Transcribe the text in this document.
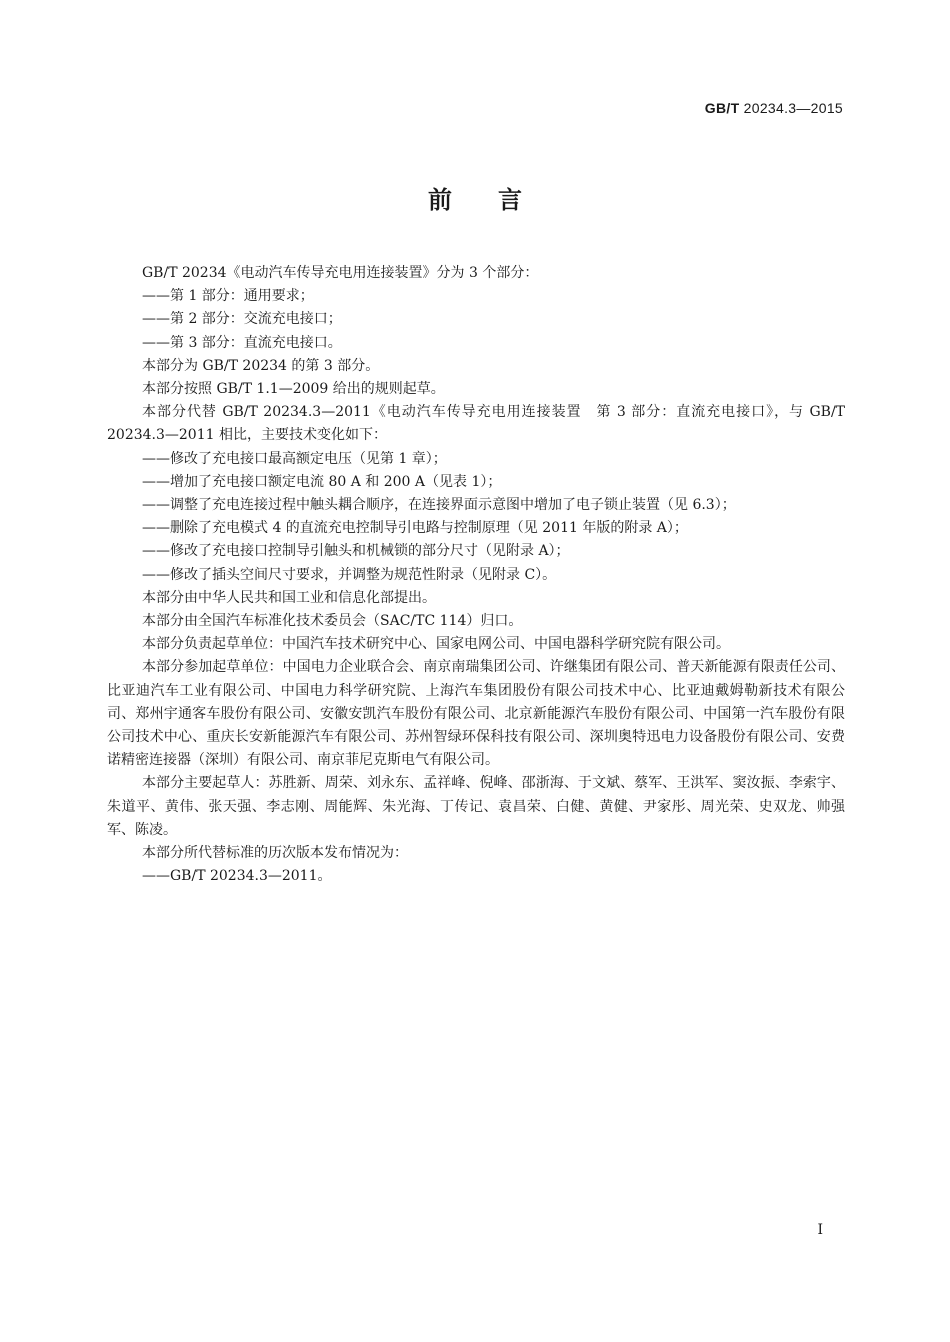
GB/T 20234.3—2015
前言

GB/T 20234《电动汽车传导充电用连接装置》分为 3 个部分：

——第 1 部分：通用要求；

——第 2 部分：交流充电接口；

——第 3 部分：直流充电接口。

本部分为 GB/T 20234 的第 3 部分。

本部分按照 GB/T 1.1—2009 给出的规则起草。

本部分代替 GB/T 20234.3—2011《电动汽车传导充电用连接装置　第 3 部分：直流充电接口》，与 GB/T 20234.3—2011 相比，主要技术变化如下：

——修改了充电接口最高额定电压（见第 1 章）；

——增加了充电接口额定电流 80 A 和 200 A（见表 1）；

——调整了充电连接过程中触头耦合顺序，在连接界面示意图中增加了电子锁止装置（见 6.3）；

——删除了充电模式 4 的直流充电控制导引电路与控制原理（见 2011 年版的附录 A）；

——修改了充电接口控制导引触头和机械锁的部分尺寸（见附录 A）；

——修改了插头空间尺寸要求，并调整为规范性附录（见附录 C）。

本部分由中华人民共和国工业和信息化部提出。

本部分由全国汽车标准化技术委员会（SAC/TC 114）归口。

本部分负责起草单位：中国汽车技术研究中心、国家电网公司、中国电器科学研究院有限公司。

本部分参加起草单位：中国电力企业联合会、南京南瑞集团公司、许继集团有限公司、普天新能源有限责任公司、比亚迪汽车工业有限公司、中国电力科学研究院、上海汽车集团股份有限公司技术中心、比亚迪戴姆勒新技术有限公司、郑州宇通客车股份有限公司、安徽安凯汽车股份有限公司、北京新能源汽车股份有限公司、中国第一汽车股份有限公司技术中心、重庆长安新能源汽车有限公司、苏州智绿环保科技有限公司、深圳奥特迅电力设备股份有限公司、安费诺精密连接器（深圳）有限公司、南京菲尼克斯电气有限公司。

本部分主要起草人：苏胜新、周荣、刘永东、孟祥峰、倪峰、邵浙海、于文斌、蔡军、王洪军、窦汝振、李索宇、朱道平、黄伟、张天强、李志刚、周能辉、朱光海、丁传记、袁昌荣、白健、黄健、尹家彤、周光荣、史双龙、帅强军、陈凌。

本部分所代替标准的历次版本发布情况为：

——GB/T 20234.3—2011。

I
